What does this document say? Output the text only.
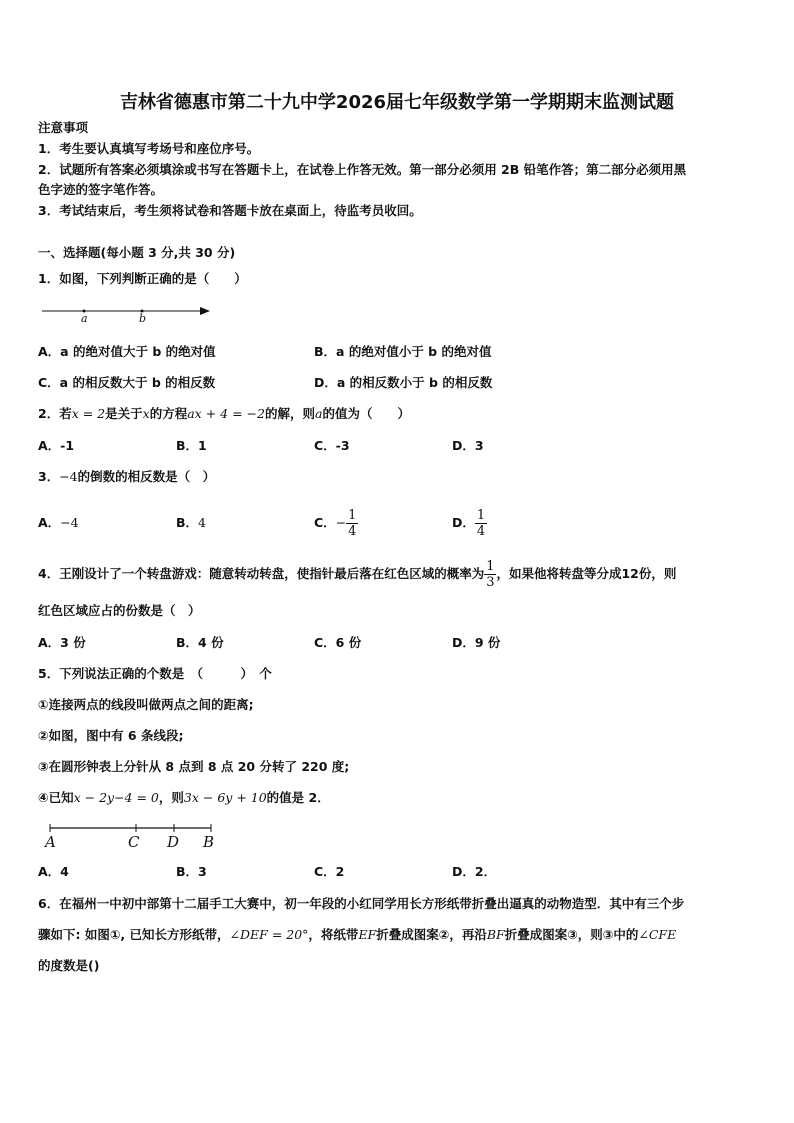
吉林省德惠市第二十九中学2026届七年级数学第一学期期末监测试题
注意事项
1．考生要认真填写考场号和座位序号。
2．试题所有答案必须填涂或书写在答题卡上，在试卷上作答无效。第一部分必须用 2B 铅笔作答；第二部分必须用黑
色字迹的签字笔作答。
3．考试结束后，考生须将试卷和答题卡放在桌面上，待监考员收回。
一、选择题(每小题 3 分,共 30 分)
1．如图，下列判断正确的是（　　）
a	b
A．a 的绝对值大于 b 的绝对值	B．a 的绝对值小于 b 的绝对值
C．a 的相反数大于 b 的相反数	D．a 的相反数小于 b 的相反数
2．若x = 2是关于x的方程ax + 4 = −2的解，则a的值为（　　）
A．-1	B．1	C．-3	D．3
3．−4的倒数的相反数是（　）
A．−4	B．4	C．− $\frac{1}{4}$	D． $\frac{1}{4}$
4．王刚设计了一个转盘游戏：随意转动转盘，使指针最后落在红色区域的概率为 $\frac{1}{3}$ ，如果他将转盘等分成12份，则
红色区域应占的份数是（　）
A．3 份	B．4 份	C．6 份	D．9 份
5．下列说法正确的个数是　（　　　）　个
①连接两点的线段叫做两点之间的距离;
②如图，图中有 6 条线段;
③在圆形钟表上分针从 8 点到 8 点 20 分转了 220 度;
④已知x − 2y−4 = 0，则3x − 6y + 10的值是 2．
A	C D B
A．4	B．3	C．2	D．2．
6．在福州一中初中部第十二届手工大赛中，初一年段的小红同学用长方形纸带折叠出逼真的动物造型．其中有三个步
骤如下: 如图①, 已知长方形纸带，∠DEF = 20°，将纸带EF折叠成图案②，再沿BF折叠成图案③，则③中的∠CFE
的度数是()
